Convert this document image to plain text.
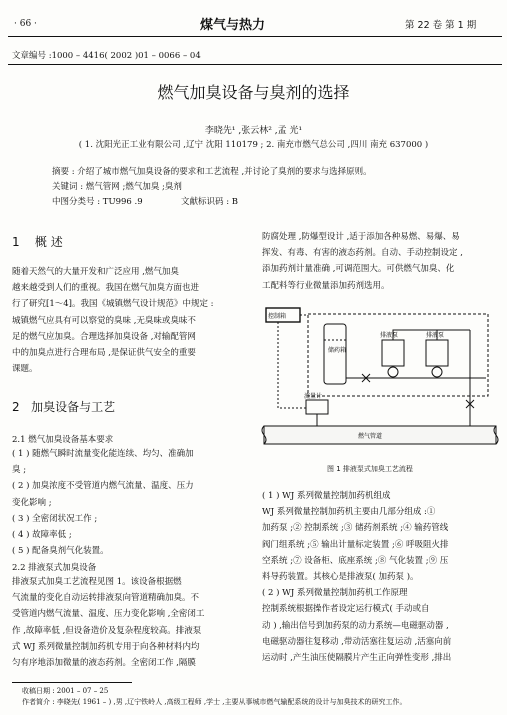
· 66 ·	煤气与热力	第 22 卷 第 1 期
文章编号 :1000 – 4416( 2002 )01 – 0066 – 04
燃气加臭设备与臭剂的选择
李晓先¹ ,张云林² ,孟 光¹
( 1. 沈阳光正工业有限公司 ,辽宁 沈阳 110179 ; 2. 南充市燃气总公司 ,四川 南充 637000 )
摘要 : 介绍了城市燃气加臭设备的要求和工艺流程 ,并讨论了臭剂的要求与选择原则。
关键词 : 燃气管网 ;燃气加臭 ;臭剂
中图分类号 : TU996 .9	文献标识码 : B
1 概 述
随着天然气的大量开发和广泛应用 ,燃气加臭
越来越受到人们的重视。我国在燃气加臭方面也进
行了研究[1～4]。我国《城镇燃气设计规范》中规定 :
城镇燃气应具有可以察觉的臭味 ,无臭味或臭味不
足的燃气应加臭。合理选择加臭设备 ,对输配管网
中的加臭点进行合理布局 ,是保证供气安全的重要
课题。
2 加臭设备与工艺
2.1 燃气加臭设备基本要求
( 1 ) 随燃气瞬时流量变化能连续、均匀、准确加
臭 ;
( 2 ) 加臭浓度不受管道内燃气流量、温度、压力
变化影响 ;
( 3 ) 全密闭状况工作 ;
( 4 ) 故障率低 ;
( 5 ) 配备臭剂气化装置。
2.2 排液泵式加臭设备
排液泵式加臭工艺流程见图 1。该设备根据燃
气流量的变化自动运转排液泵向管道精确加臭。不
受管道内燃气流量、温度、压力变化影响 ,全密闭工
作 ,故障率低 ,但设备造价及复杂程度较高。排液泵
式 WJ 系列微量控制加药机专用于向各种材料内均
匀有序地添加微量的液态药剂。全密闭工作 ,隔膜
防腐处理 ,防爆型设计 ,适于添加各种易燃、易爆、易
挥发、有毒、有害的液态药剂。自动、手动控制设定 ,
添加药剂计量准确 ,可调范围大。可供燃气加臭、化
工配料等行业微量添加药剂选用。
控制箱
储药箱
排液泵	排液泵
流量计
燃气管道
图 1 排液泵式加臭工艺流程
( 1 ) WJ 系列微量控制加药机组成
WJ 系列微量控制加药机主要由几部分组成 :①
加药泵 ;② 控制系统 ;③ 储药剂系统 ;④ 输药管线
阀门组系统 ;⑤ 输出计量标定装置 ;⑥ 呼吸阻火排
空系统 ;⑦ 设备柜、底座系统 ;⑧ 气化装置 ;⑨ 压
料导药装置。其核心是排液泵( 加药泵 )。
( 2 ) WJ 系列微量控制加药机工作原理
控制系统根据操作者设定运行模式( 手动或自
动 ) ,输出信号到加药泵的动力系统—电磁驱动器 ,
电磁驱动器往复移动 ,带动活塞往复运动 ,活塞向前
运动时 ,产生油压使隔膜片产生正向弹性变形 ,排出
收稿日期 : 2001 – 07 – 25
作者简介 : 李晓先( 1961 – ) ,男 ,辽宁铁岭人 ,高级工程师 ,学士 ,主要从事城市燃气输配系统的设计与加臭技术的研究工作。
